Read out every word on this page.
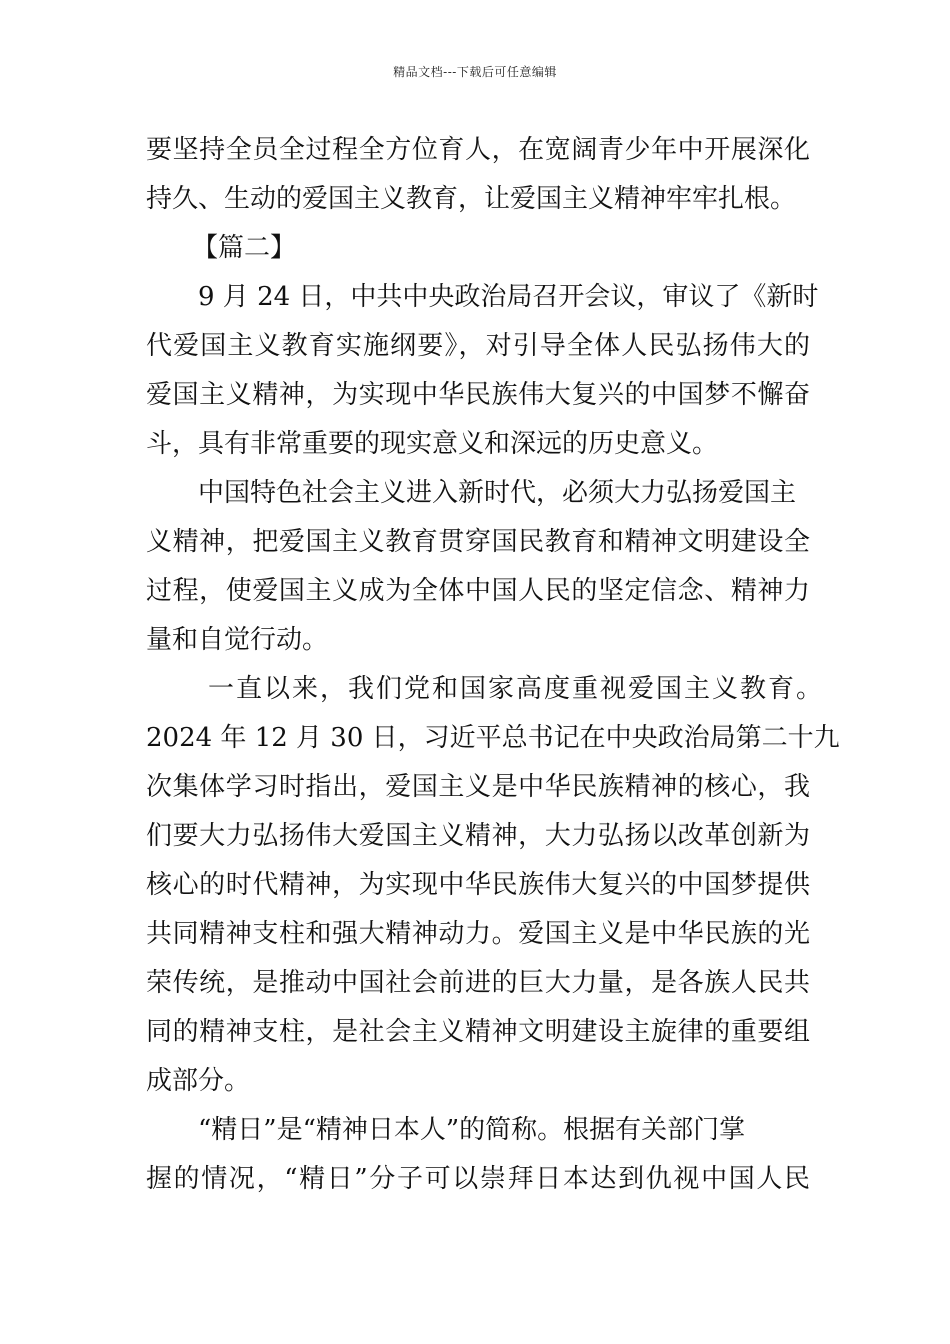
精品文档---下载后可任意编辑
要坚持全员全过程全方位育人，在宽阔青少年中开展深化
持久、生动的爱国主义教育，让爱国主义精神牢牢扎根。
【篇二】
9 月 24 日，中共中央政治局召开会议，审议了《新时
代爱国主义教育实施纲要》，对引导全体人民弘扬伟大的
爱国主义精神，为实现中华民族伟大复兴的中国梦不懈奋
斗，具有非常重要的现实意义和深远的历史意义。
中国特色社会主义进入新时代，必须大力弘扬爱国主
义精神，把爱国主义教育贯穿国民教育和精神文明建设全
过程，使爱国主义成为全体中国人民的坚定信念、精神力
量和自觉行动。
一直以来，我们党和国家高度重视爱国主义教育。
2024 年 12 月 30 日，习近平总书记在中央政治局第二十九
次集体学习时指出，爱国主义是中华民族精神的核心，我
们要大力弘扬伟大爱国主义精神，大力弘扬以改革创新为
核心的时代精神，为实现中华民族伟大复兴的中国梦提供
共同精神支柱和强大精神动力。爱国主义是中华民族的光
荣传统，是推动中国社会前进的巨大力量，是各族人民共
同的精神支柱，是社会主义精神文明建设主旋律的重要组
成部分。
“精日”是“精神日本人”的简称。根据有关部门掌
握的情况，“精日”分子可以崇拜日本达到仇视中国人民
